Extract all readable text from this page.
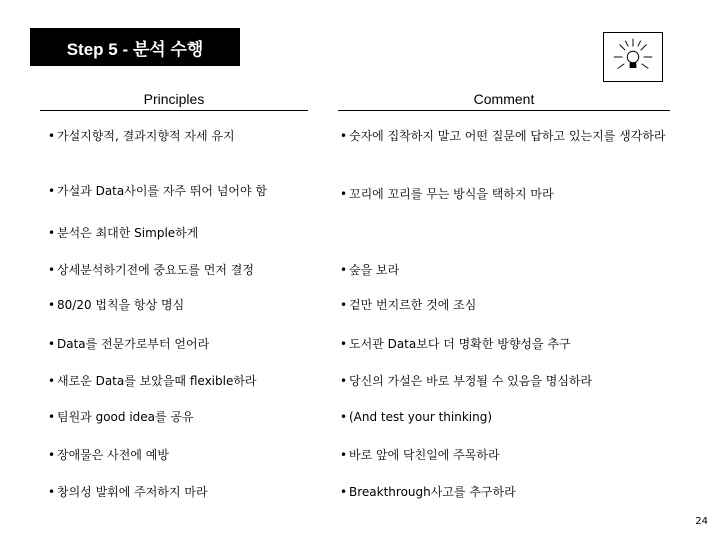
Step 5 - 분석 수행
Principles	Comment
• 가설지향적, 결과지향적 자세 유지
• 가설과 Data사이를 자주 뛰어 넘어야 함
• 분석은 최대한 Simple하게
• 상세분석하기전에 중요도를 먼저 결정
• 80/20 법칙을 항상 명심
• Data를 전문가로부터 얻어라
• 새로운 Data를 보았을때 flexible하라
• 팀원과 good idea를 공유
• 장애물은 사전에 예방
• 창의성 발휘에 주저하지 마라
• 숫자에 집착하지 말고 어떤 질문에 답하고 있는지를 생각하라
• 꼬리에 꼬리를 무는 방식을 택하지 마라
• 숲을 보라
• 겉만 번지르한 것에 조심
• 도서관 Data보다 더 명확한 방향성을 추구
• 당신의 가설은 바로 부정될 수 있음을 명심하라
• (And test your thinking)
• 바로 앞에 닥친일에 주목하라
• Breakthrough사고를 추구하라
24
